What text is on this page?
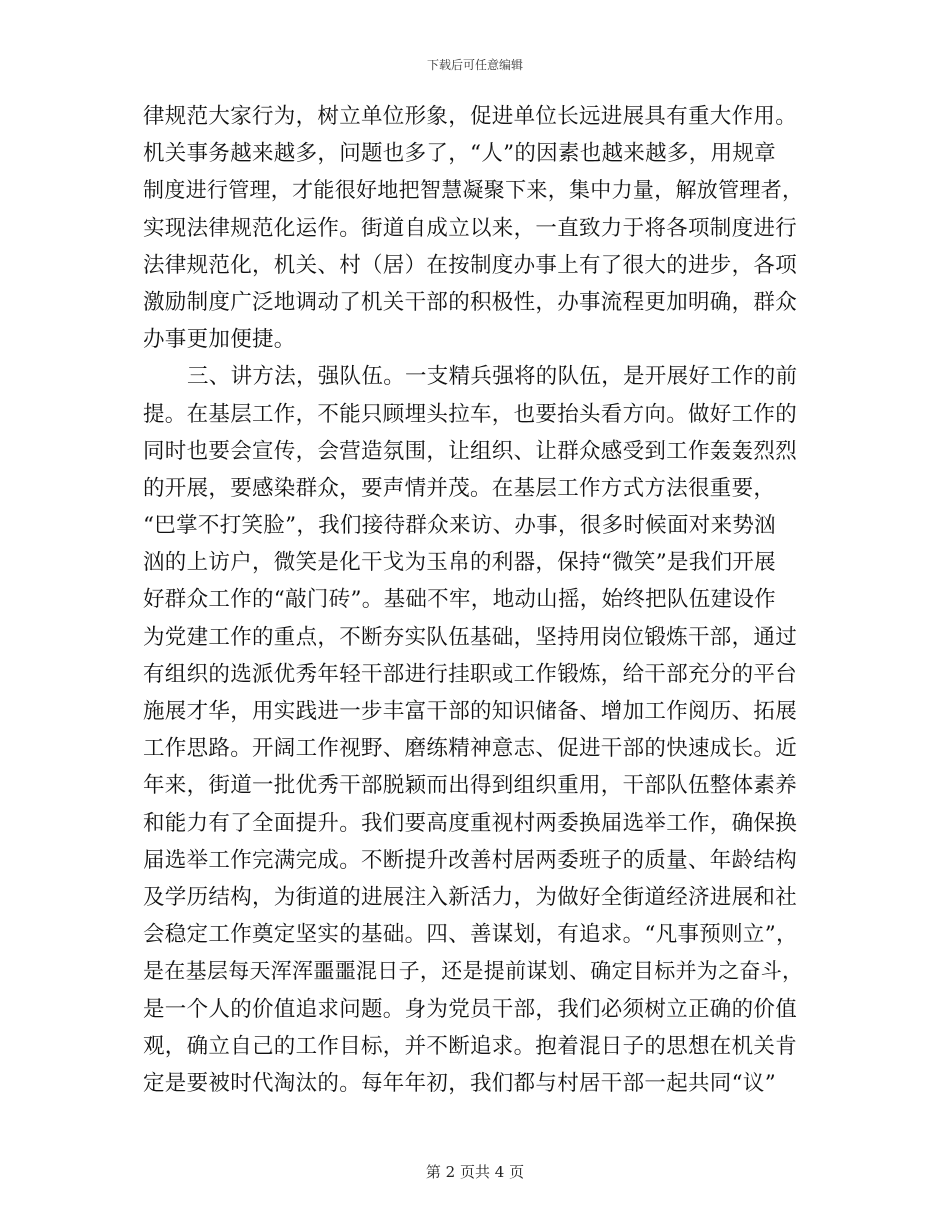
下载后可任意编辑
律规范大家行为，树立单位形象，促进单位长远进展具有重大作用。
机关事务越来越多，问题也多了，“人”的因素也越来越多，用规章
制度进行管理，才能很好地把智慧凝聚下来，集中力量，解放管理者，
实现法律规范化运作。街道自成立以来，一直致力于将各项制度进行
法律规范化，机关、村（居）在按制度办事上有了很大的进步，各项
激励制度广泛地调动了机关干部的积极性，办事流程更加明确，群众
办事更加便捷。
三、讲方法，强队伍。一支精兵强将的队伍，是开展好工作的前
提。在基层工作，不能只顾埋头拉车，也要抬头看方向。做好工作的
同时也要会宣传，会营造氛围，让组织、让群众感受到工作轰轰烈烈
的开展，要感染群众，要声情并茂。在基层工作方式方法很重要，
“巴掌不打笑脸”，我们接待群众来访、办事，很多时候面对来势汹
汹的上访户，微笑是化干戈为玉帛的利器，保持“微笑”是我们开展
好群众工作的“敲门砖”。基础不牢，地动山摇，始终把队伍建设作
为党建工作的重点，不断夯实队伍基础，坚持用岗位锻炼干部，通过
有组织的选派优秀年轻干部进行挂职或工作锻炼，给干部充分的平台
施展才华，用实践进一步丰富干部的知识储备、增加工作阅历、拓展
工作思路。开阔工作视野、磨练精神意志、促进干部的快速成长。近
年来，街道一批优秀干部脱颖而出得到组织重用，干部队伍整体素养
和能力有了全面提升。我们要高度重视村两委换届选举工作，确保换
届选举工作完满完成。不断提升改善村居两委班子的质量、年龄结构
及学历结构，为街道的进展注入新活力，为做好全街道经济进展和社
会稳定工作奠定坚实的基础。四、善谋划，有追求。“凡事预则立”，
是在基层每天浑浑噩噩混日子，还是提前谋划、确定目标并为之奋斗，
是一个人的价值追求问题。身为党员干部，我们必须树立正确的价值
观，确立自己的工作目标，并不断追求。抱着混日子的思想在机关肯
定是要被时代淘汰的。每年年初，我们都与村居干部一起共同“议”
第 2 页共 4 页
